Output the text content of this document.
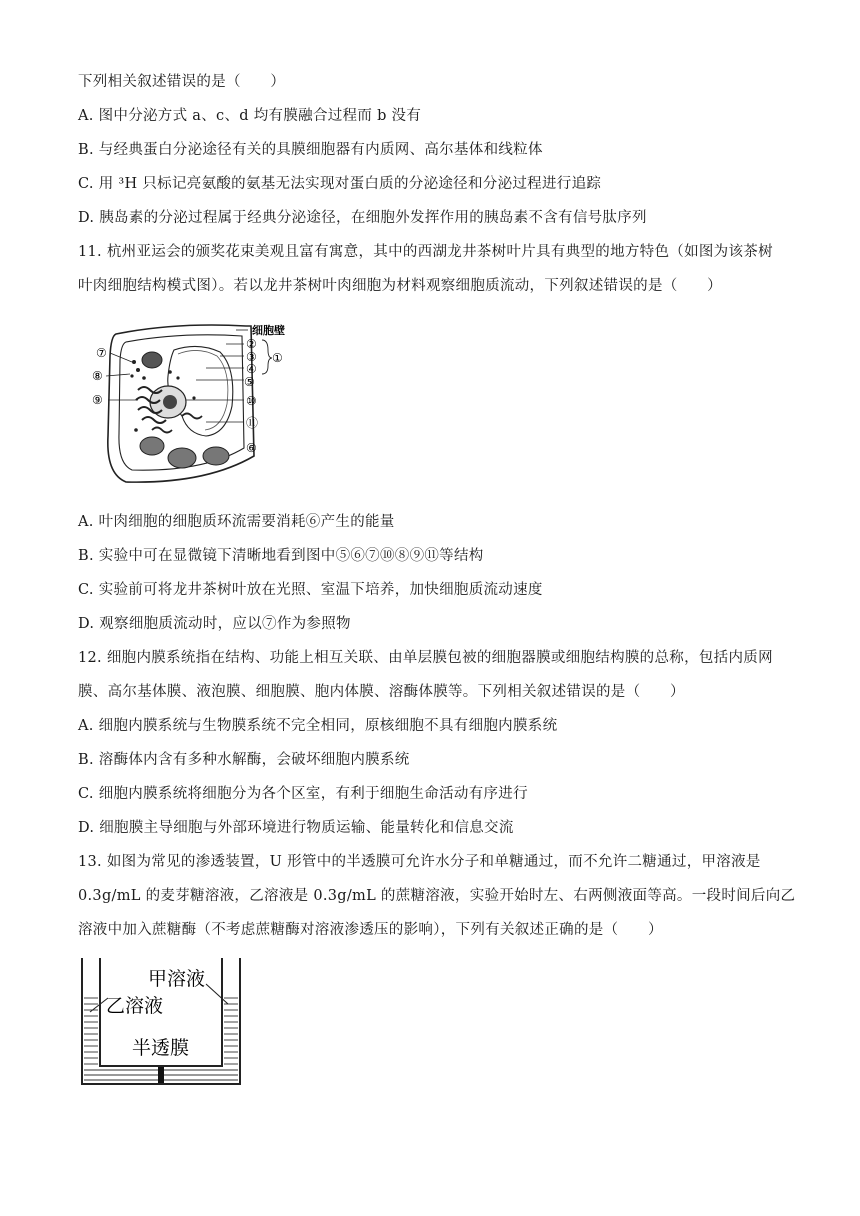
下列相关叙述错误的是（　　）
A. 图中分泌方式 a、c、d 均有膜融合过程而 b 没有
B. 与经典蛋白分泌途径有关的具膜细胞器有内质网、高尔基体和线粒体
C. 用 ³H 只标记亮氨酸的氨基无法实现对蛋白质的分泌途径和分泌过程进行追踪
D. 胰岛素的分泌过程属于经典分泌途径，在细胞外发挥作用的胰岛素不含有信号肽序列
11. 杭州亚运会的颁奖花束美观且富有寓意，其中的西湖龙井茶树叶片具有典型的地方特色（如图为该茶树
叶肉细胞结构模式图）。若以龙井茶树叶肉细胞为材料观察细胞质流动，下列叙述错误的是（　　）
细胞壁
②
③ ①
④
⑤
⑩
⑪
⑥
⑦
⑧
⑨
A. 叶肉细胞的细胞质环流需要消耗⑥产生的能量
B. 实验中可在显微镜下清晰地看到图中⑤⑥⑦⑩⑧⑨⑪等结构
C. 实验前可将龙井茶树叶放在光照、室温下培养，加快细胞质流动速度
D. 观察细胞质流动时，应以⑦作为参照物
12. 细胞内膜系统指在结构、功能上相互关联、由单层膜包被的细胞器膜或细胞结构膜的总称，包括内质网
膜、高尔基体膜、液泡膜、细胞膜、胞内体膜、溶酶体膜等。下列相关叙述错误的是（　　）
A. 细胞内膜系统与生物膜系统不完全相同，原核细胞不具有细胞内膜系统
B. 溶酶体内含有多种水解酶，会破坏细胞内膜系统
C. 细胞内膜系统将细胞分为各个区室，有利于细胞生命活动有序进行
D. 细胞膜主导细胞与外部环境进行物质运输、能量转化和信息交流
13. 如图为常见的渗透装置，U 形管中的半透膜可允许水分子和单糖通过，而不允许二糖通过，甲溶液是
0.3g/mL 的麦芽糖溶液，乙溶液是 0.3g/mL 的蔗糖溶液，实验开始时左、右两侧液面等高。一段时间后向乙
溶液中加入蔗糖酶（不考虑蔗糖酶对溶液渗透压的影响），下列有关叙述正确的是（　　）
甲溶液
乙溶液
半透膜
